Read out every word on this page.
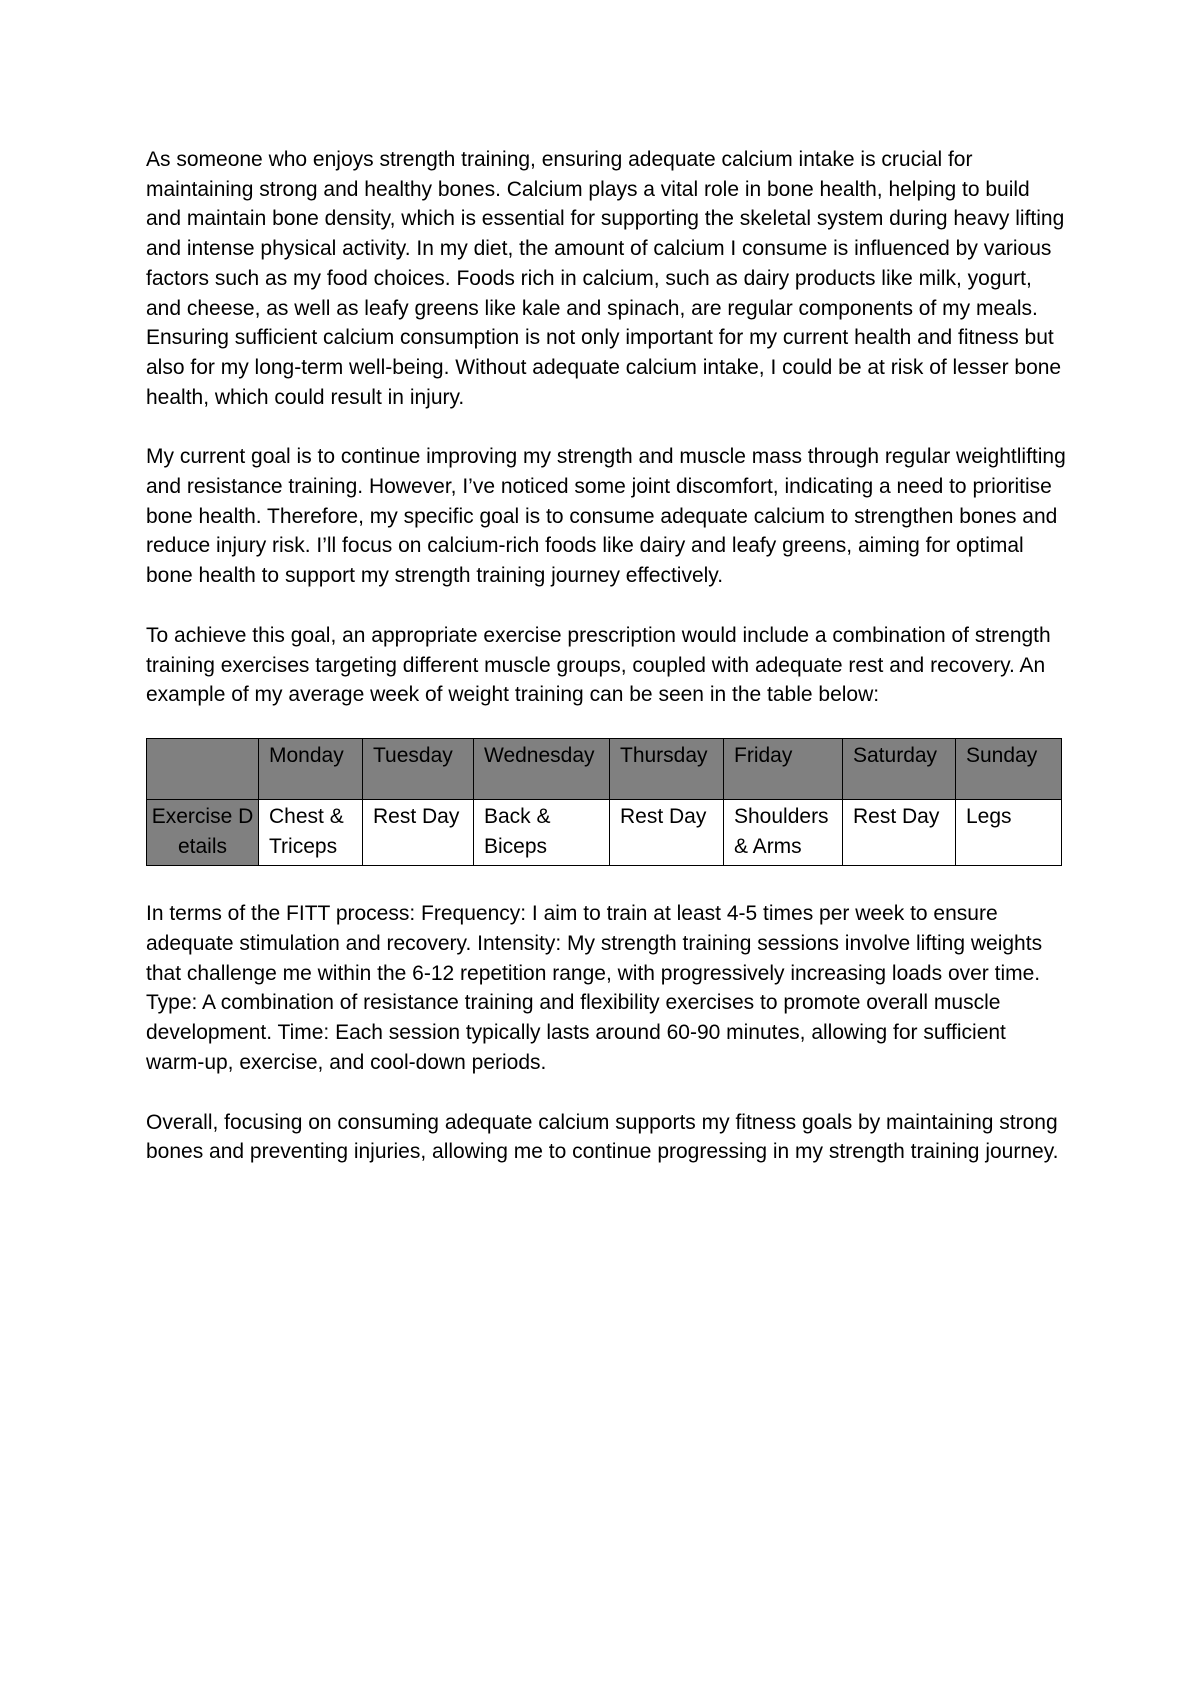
As someone who enjoys strength training, ensuring adequate calcium intake is crucial for maintaining strong and healthy bones. Calcium plays a vital role in bone health, helping to build and maintain bone density, which is essential for supporting the skeletal system during heavy lifting and intense physical activity. In my diet, the amount of calcium I consume is influenced by various factors such as my food choices. Foods rich in calcium, such as dairy products like milk, yogurt, and cheese, as well as leafy greens like kale and spinach, are regular components of my meals. Ensuring sufficient calcium consumption is not only important for my current health and fitness but also for my long-term well-being. Without adequate calcium intake, I could be at risk of lesser bone health, which could result in injury.

My current goal is to continue improving my strength and muscle mass through regular weightlifting and resistance training. However, I’ve noticed some joint discomfort, indicating a need to prioritise bone health. Therefore, my specific goal is to consume adequate calcium to strengthen bones and reduce injury risk. I’ll focus on calcium-rich foods like dairy and leafy greens, aiming for optimal bone health to support my strength training journey effectively.

To achieve this goal, an appropriate exercise prescription would include a combination of strength training exercises targeting different muscle groups, coupled with adequate rest and recovery. An example of my average week of weight training can be seen in the table below:

	Monday	Tuesday	Wednesday	Thursday	Friday	Saturday	Sunday
Exercise Details	Chest & Triceps	Rest Day	Back & Biceps	Rest Day	Shoulders & Arms	Rest Day	Legs

In terms of the FITT process: Frequency: I aim to train at least 4-5 times per week to ensure adequate stimulation and recovery. Intensity: My strength training sessions involve lifting weights that challenge me within the 6-12 repetition range, with progressively increasing loads over time. Type: A combination of resistance training and flexibility exercises to promote overall muscle development. Time: Each session typically lasts around 60-90 minutes, allowing for sufficient warm-up, exercise, and cool-down periods.

Overall, focusing on consuming adequate calcium supports my fitness goals by maintaining strong bones and preventing injuries, allowing me to continue progressing in my strength training journey.
